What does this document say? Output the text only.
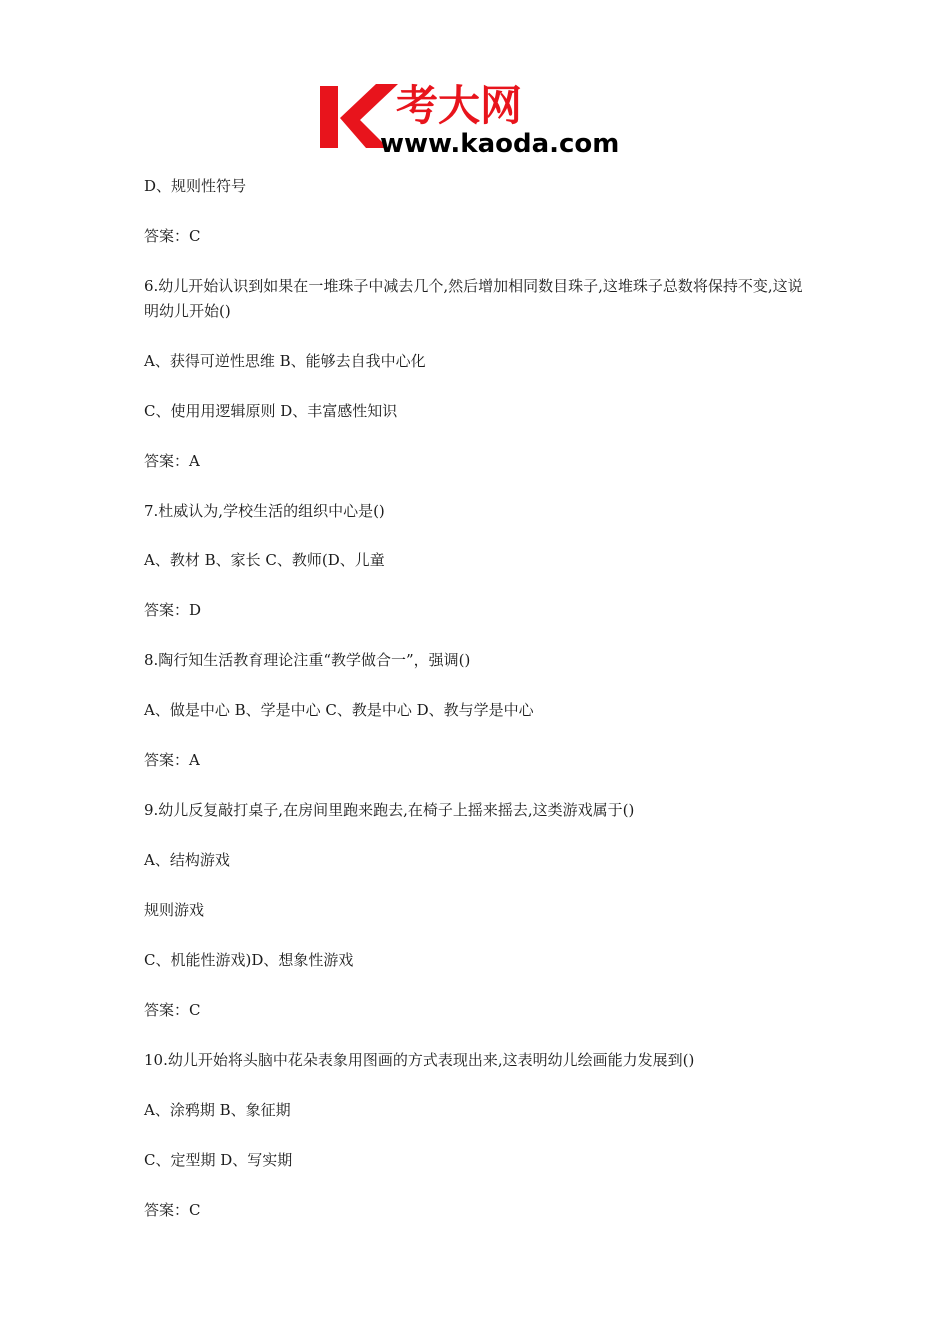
考大网
www.kaoda.com
D、规则性符号
答案：C
6.幼儿开始认识到如果在一堆珠子中减去几个,然后增加相同数目珠子,这堆珠子总数将保持不变,这说明幼儿开始()
A、获得可逆性思维 B、能够去自我中心化
C、使用用逻辑原则 D、丰富感性知识
答案：A
7.杜威认为,学校生活的组织中心是()
A、教材 B、家长 C、教师(D、儿童
答案：D
8.陶行知生活教育理论注重“教学做合一”，强调()
A、做是中心 B、学是中心 C、教是中心 D、教与学是中心
答案：A
9.幼儿反复敲打桌子,在房间里跑来跑去,在椅子上摇来摇去,这类游戏属于()
A、结构游戏
规则游戏
C、机能性游戏)D、想象性游戏
答案：C
10.幼儿开始将头脑中花朵表象用图画的方式表现出来,这表明幼儿绘画能力发展到()
A、涂鸦期 B、象征期
C、定型期 D、写实期
答案：C
